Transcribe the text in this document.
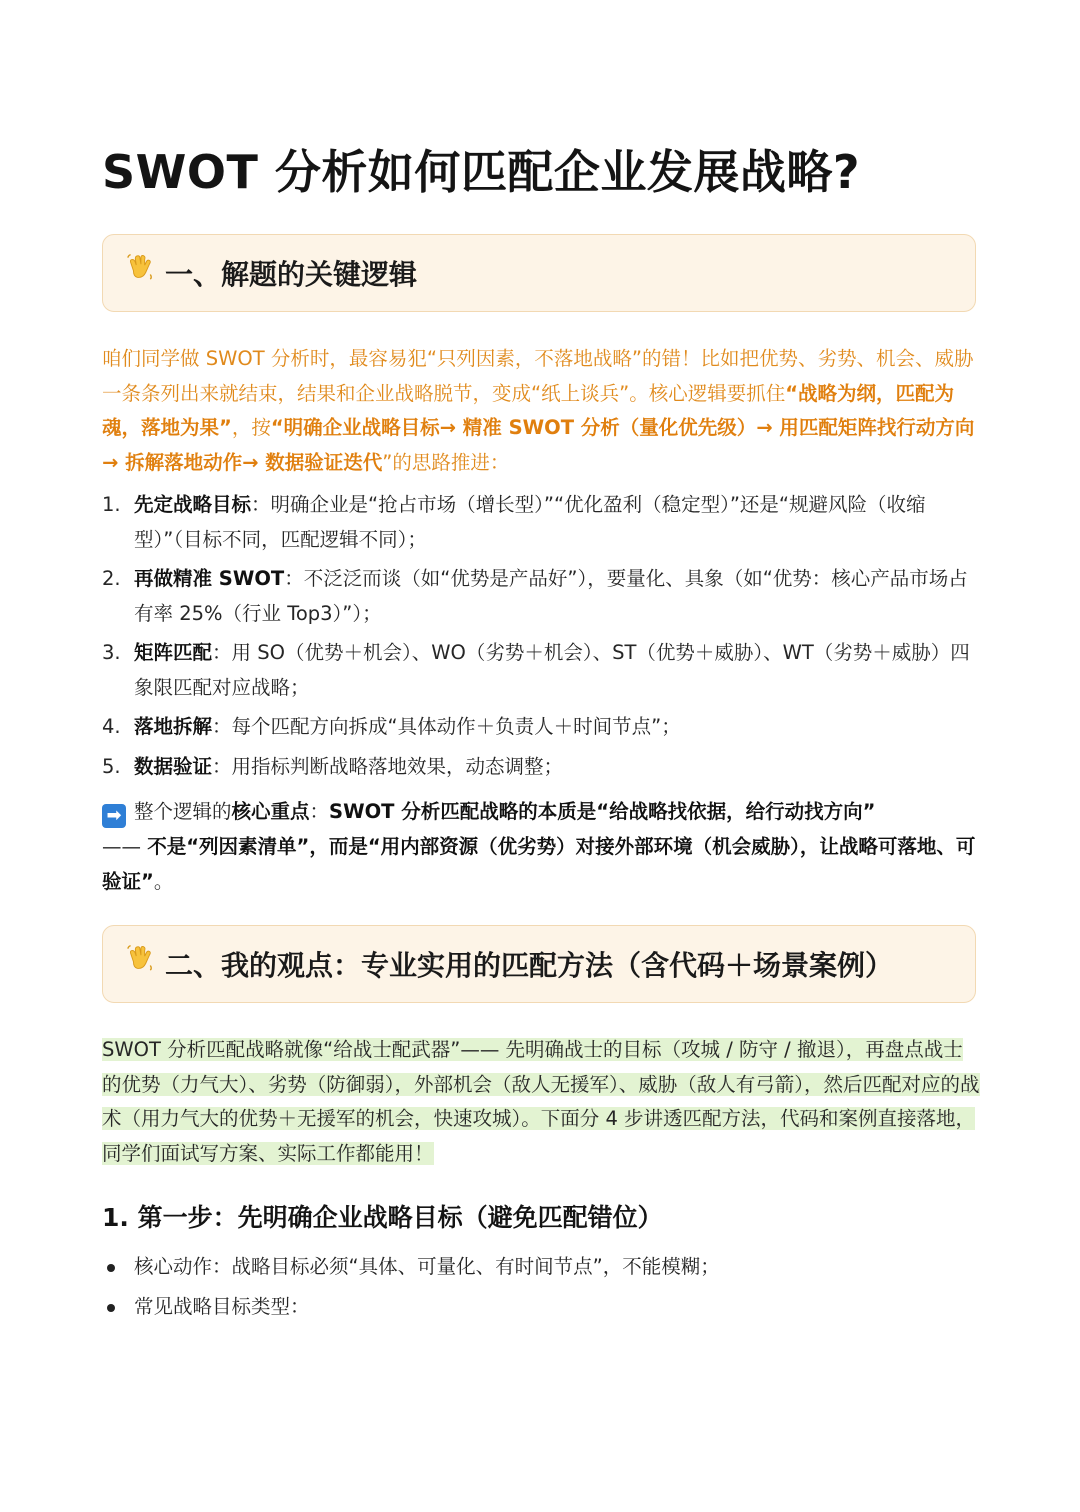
SWOT 分析如何匹配企业发展战略?
一、解题的关键逻辑

咱们同学做 SWOT 分析时，最容易犯“只列因素，不落地战略”的错！比如把优势、劣势、机会、威胁一条条列出来就结束，结果和企业战略脱节，变成“纸上谈兵”。核心逻辑要抓住“战略为纲，匹配为魂，落地为果”，按“明确企业战略目标→ 精准 SWOT 分析（量化优先级）→ 用匹配矩阵找行动方向→ 拆解落地动作→ 数据验证迭代”的思路推进：

1. 先定战略目标：明确企业是“抢占市场（增长型）”“优化盈利（稳定型）”还是“规避风险（收缩型）”（目标不同，匹配逻辑不同）；
2. 再做精准 SWOT：不泛泛而谈（如“优势是产品好”），要量化、具象（如“优势：核心产品市场占有率 25%（行业 Top3）”）；
3. 矩阵匹配：用 SO（优势＋机会）、WO（劣势＋机会）、ST（优势＋威胁）、WT（劣势＋威胁）四象限匹配对应战略；
4. 落地拆解：每个匹配方向拆成“具体动作＋负责人＋时间节点”；
5. 数据验证：用指标判断战略落地效果，动态调整；

➡ 整个逻辑的核心重点：SWOT 分析匹配战略的本质是“给战略找依据，给行动找方向”
—— 不是“列因素清单”，而是“用内部资源（优劣势）对接外部环境（机会威胁），让战略可落地、可验证”。

二、我的观点：专业实用的匹配方法（含代码＋场景案例）

SWOT 分析匹配战略就像“给战士配武器”—— 先明确战士的目标（攻城 / 防守 / 撤退），再盘点战士的优势（力气大）、劣势（防御弱），外部机会（敌人无援军）、威胁（敌人有弓箭），然后匹配对应的战术（用力气大的优势＋无援军的机会，快速攻城）。下面分 4 步讲透匹配方法，代码和案例直接落地，同学们面试写方案、实际工作都能用！

1. 第一步：先明确企业战略目标（避免匹配错位）
核心动作：战略目标必须“具体、可量化、有时间节点”，不能模糊；
常见战略目标类型：
